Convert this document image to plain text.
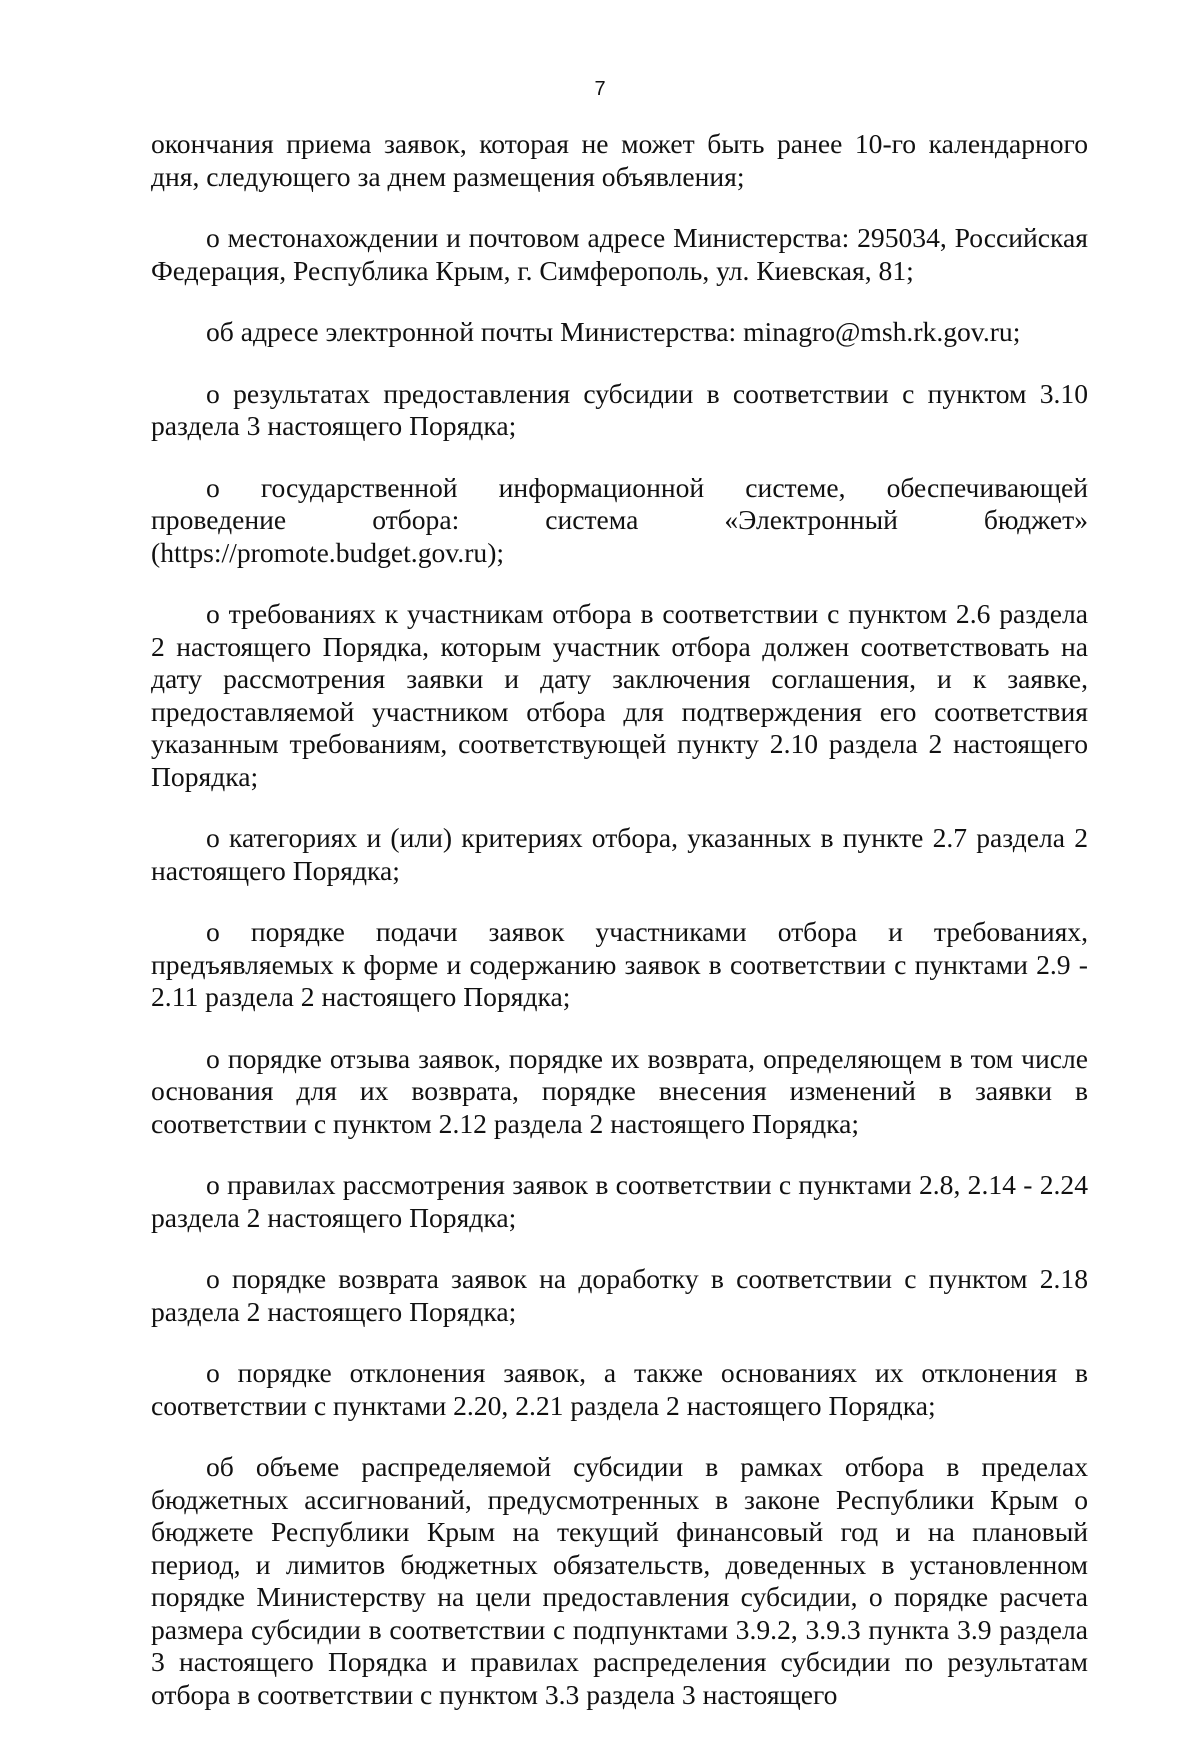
7

окончания приема заявок, которая не может быть ранее 10-го календарного дня, следующего за днем размещения объявления;

о местонахождении и почтовом адресе Министерства: 295034, Российская Федерация, Республика Крым, г. Симферополь, ул. Киевская, 81;

об адресе электронной почты Министерства: minagro@msh.rk.gov.ru;

о результатах предоставления субсидии в соответствии с пунктом 3.10 раздела 3 настоящего Порядка;

о государственной информационной системе, обеспечивающей проведение отбора: система «Электронный бюджет»

(https://promote.budget.gov.ru);

о требованиях к участникам отбора в соответствии с пунктом 2.6 раздела 2 настоящего Порядка, которым участник отбора должен соответствовать на дату рассмотрения заявки и дату заключения соглашения, и к заявке, предоставляемой участником отбора для подтверждения его соответствия указанным требованиям, соответствующей пункту 2.10 раздела 2 настоящего Порядка;

о категориях и (или) критериях отбора, указанных в пункте 2.7 раздела 2 настоящего Порядка;

о порядке подачи заявок участниками отбора и требованиях, предъявляемых к форме и содержанию заявок в соответствии с пунктами 2.9 - 2.11 раздела 2 настоящего Порядка;

о порядке отзыва заявок, порядке их возврата, определяющем в том числе основания для их возврата, порядке внесения изменений в заявки в соответствии с пунктом 2.12 раздела 2 настоящего Порядка;

о правилах рассмотрения заявок в соответствии с пунктами 2.8, 2.14 - 2.24 раздела 2 настоящего Порядка;

о порядке возврата заявок на доработку в соответствии с пунктом 2.18 раздела 2 настоящего Порядка;

о порядке отклонения заявок, а также основаниях их отклонения в соответствии с пунктами 2.20, 2.21 раздела 2 настоящего Порядка;

об объеме распределяемой субсидии в рамках отбора в пределах бюджетных ассигнований, предусмотренных в законе Республики Крым о бюджете Республики Крым на текущий финансовый год и на плановый период, и лимитов бюджетных обязательств, доведенных в установленном порядке Министерству на цели предоставления субсидии, о порядке расчета размера субсидии в соответствии с подпунктами 3.9.2, 3.9.3 пункта 3.9 раздела 3 настоящего Порядка и правилах распределения субсидии по результатам отбора в соответствии с пунктом 3.3 раздела 3 настоящего
